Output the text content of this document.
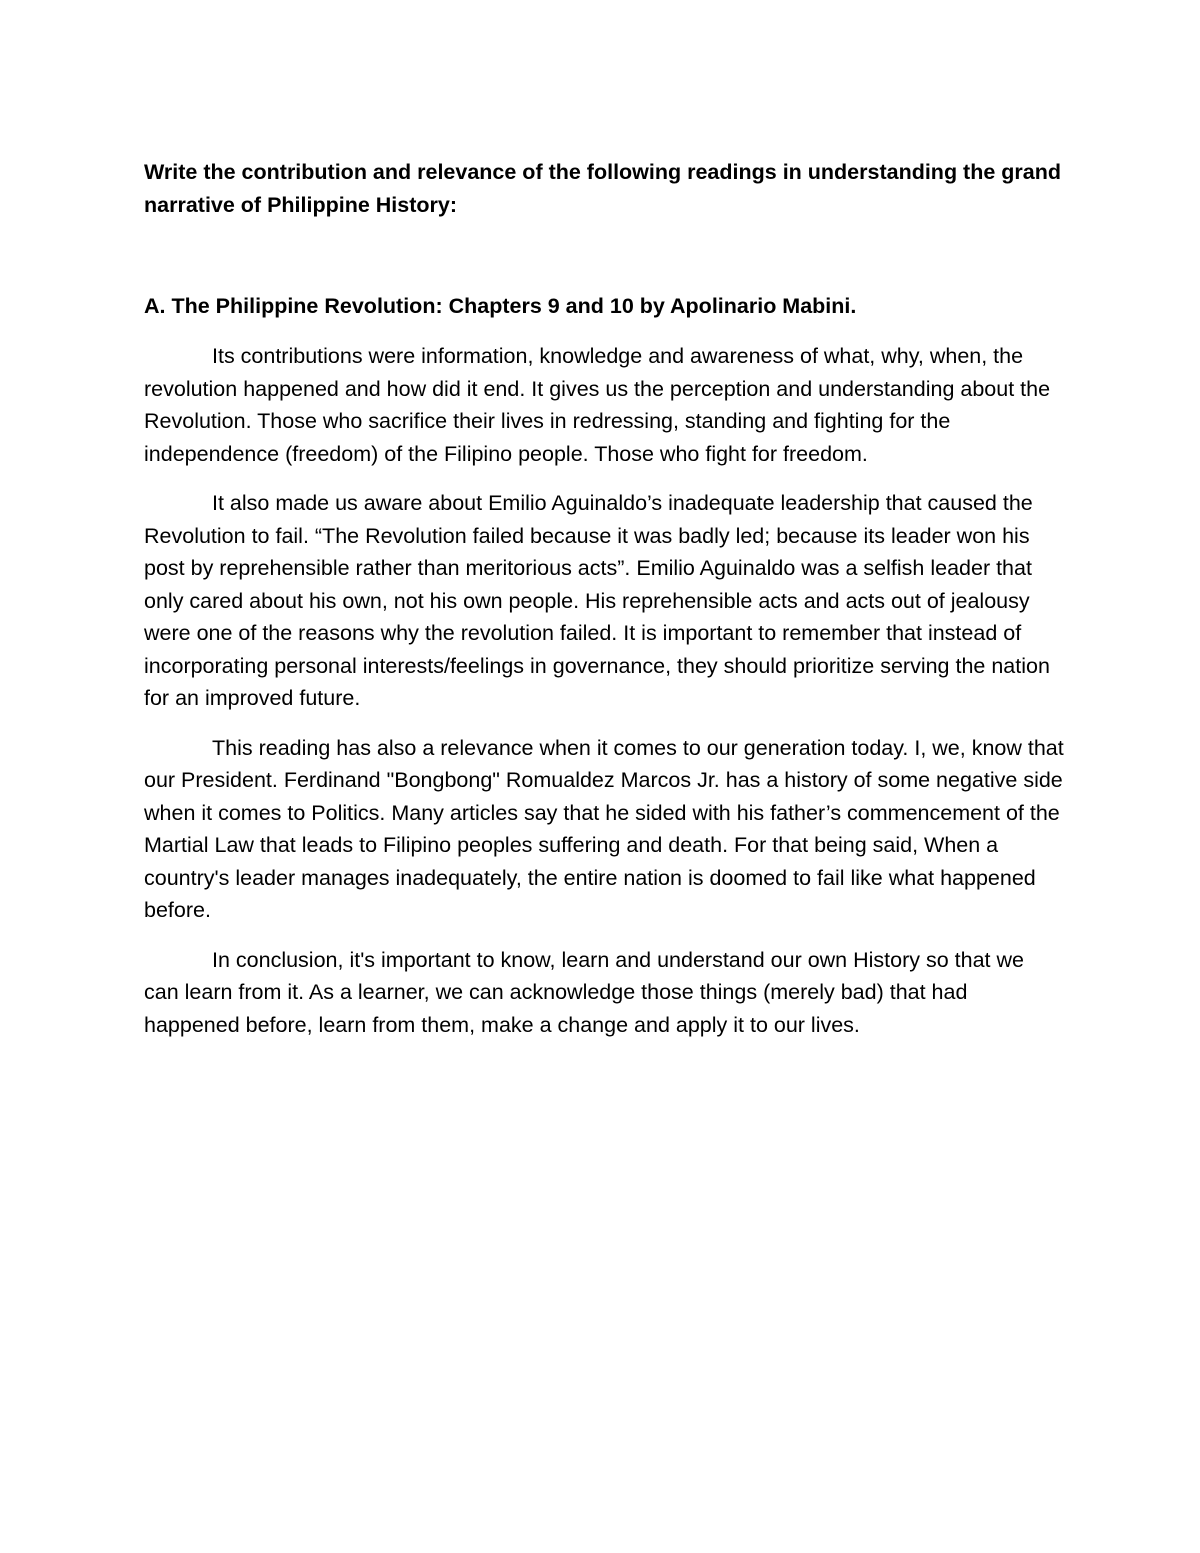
Write the contribution and relevance of the following readings in understanding the grand narrative of Philippine History:

A. The Philippine Revolution: Chapters 9 and 10 by Apolinario Mabini.

Its contributions were information, knowledge and awareness of what, why, when, the revolution happened and how did it end. It gives us the perception and understanding about the Revolution. Those who sacrifice their lives in redressing, standing and fighting for the independence (freedom) of the Filipino people. Those who fight for freedom.

It also made us aware about Emilio Aguinaldo’s inadequate leadership that caused the Revolution to fail. “The Revolution failed because it was badly led; because its leader won his post by reprehensible rather than meritorious acts”. Emilio Aguinaldo was a selfish leader that only cared about his own, not his own people. His reprehensible acts and acts out of jealousy were one of the reasons why the revolution failed. It is important to remember that instead of incorporating personal interests/feelings in governance, they should prioritize serving the nation for an improved future.

This reading has also a relevance when it comes to our generation today. I, we, know that our President. Ferdinand "Bongbong" Romualdez Marcos Jr. has a history of some negative side when it comes to Politics. Many articles say that he sided with his father’s commencement of the Martial Law that leads to Filipino peoples suffering and death. For that being said, When a country's leader manages inadequately, the entire nation is doomed to fail like what happened before.

In conclusion, it's important to know, learn and understand our own History so that we can learn from it. As a learner, we can acknowledge those things (merely bad) that had happened before, learn from them, make a change and apply it to our lives.
